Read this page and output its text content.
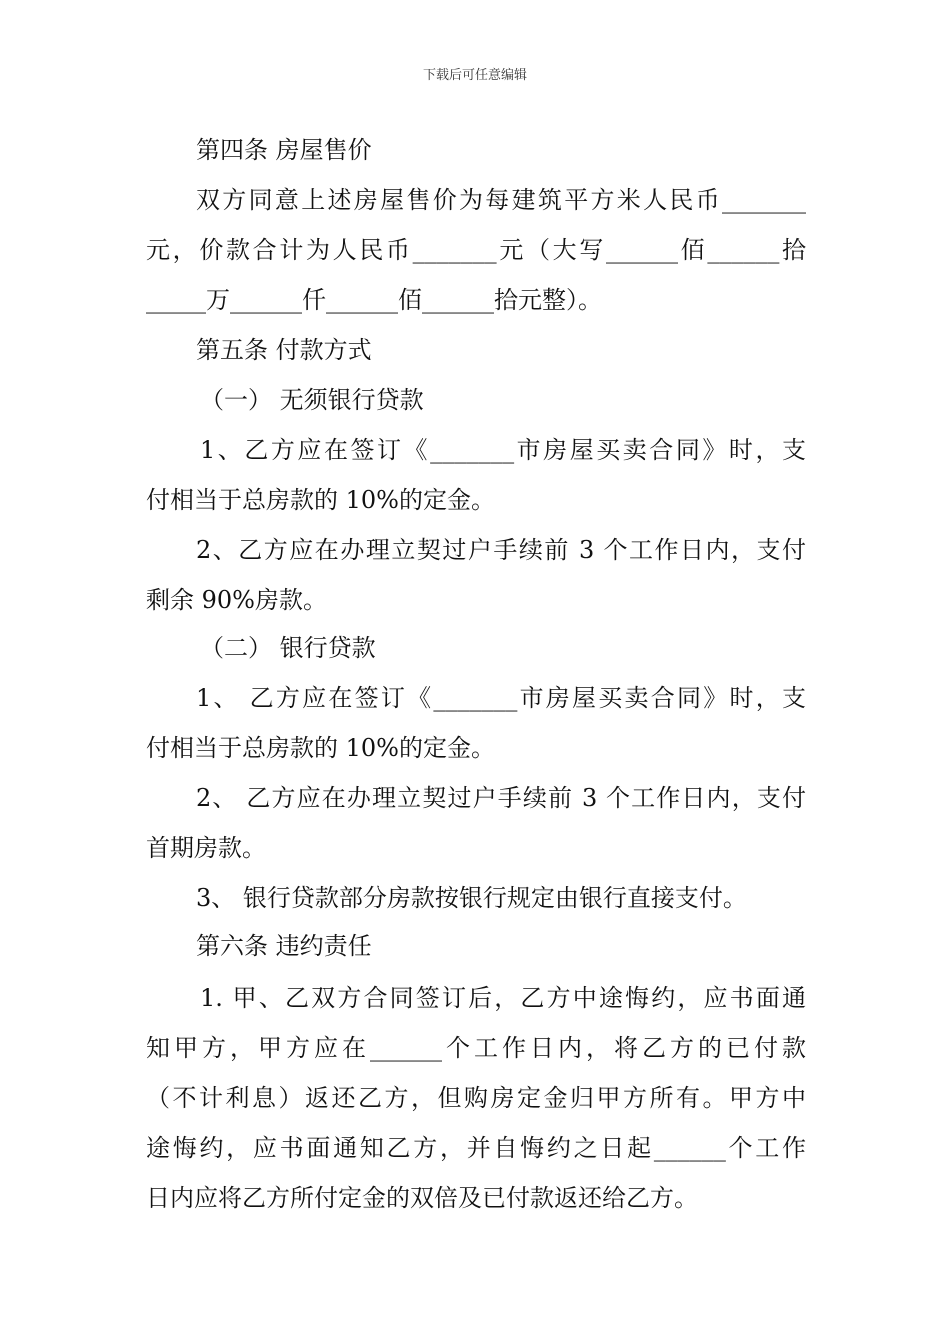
下载后可任意编辑
第四条 房屋售价
双方同意上述房屋售价为每建筑平方米人民币_______
元，价款合计为人民币_______元（大写______佰______拾
_____万______仟______佰______拾元整）。
第五条 付款方式
（一） 无须银行贷款
1、乙方应在签订《_______市房屋买卖合同》时，支
付相当于总房款的 10%的定金。
2、乙方应在办理立契过户手续前 3 个工作日内，支付
剩余 90%房款。
（二） 银行贷款
1、 乙方应在签订《_______市房屋买卖合同》时，支
付相当于总房款的 10%的定金。
2、 乙方应在办理立契过户手续前 3 个工作日内，支付
首期房款。
3、 银行贷款部分房款按银行规定由银行直接支付。
第六条 违约责任
1. 甲、乙双方合同签订后，乙方中途悔约，应书面通
知甲方，甲方应在______个工作日内，将乙方的已付款
（不计利息）返还乙方，但购房定金归甲方所有。甲方中
途悔约，应书面通知乙方，并自悔约之日起______个工作
日内应将乙方所付定金的双倍及已付款返还给乙方。
